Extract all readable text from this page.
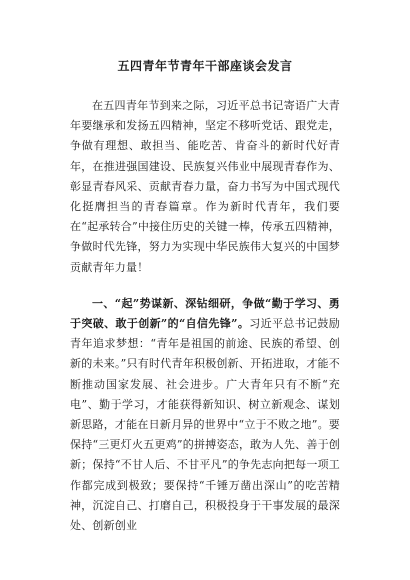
五四青年节青年干部座谈会发言

在五四青年节到来之际，习近平总书记寄语广大青年要继承和发扬五四精神，坚定不移听党话、跟党走，争做有理想、敢担当、能吃苦、肯奋斗的新时代好青年，在推进强国建设、民族复兴伟业中展现青春作为、彰显青春风采、贡献青春力量，奋力书写为中国式现代化挺膺担当的青春篇章。作为新时代青年，我们要在“起承转合”中接住历史的关键一棒，传承五四精神，争做时代先锋，努力为实现中华民族伟大复兴的中国梦贡献青年力量！

一、“起”势谋新、深钻细研，争做“勤于学习、勇于突破、敢于创新”的“自信先锋”。习近平总书记鼓励青年追求梦想：“青年是祖国的前途、民族的希望、创新的未来。”只有时代青年积极创新、开拓进取，才能不断推动国家发展、社会进步。广大青年只有不断“充电”、勤于学习，才能获得新知识、树立新观念、谋划新思路，才能在日新月异的世界中“立于不败之地”。要保持“三更灯火五更鸡”的拼搏姿态，敢为人先、善于创新；保持“不甘人后、不甘平凡”的争先志向把每一项工作都完成到极致；要保持“千锤万凿出深山”的吃苦精神，沉淀自己、打磨自己，积极投身于干事发展的最深处、创新创业
